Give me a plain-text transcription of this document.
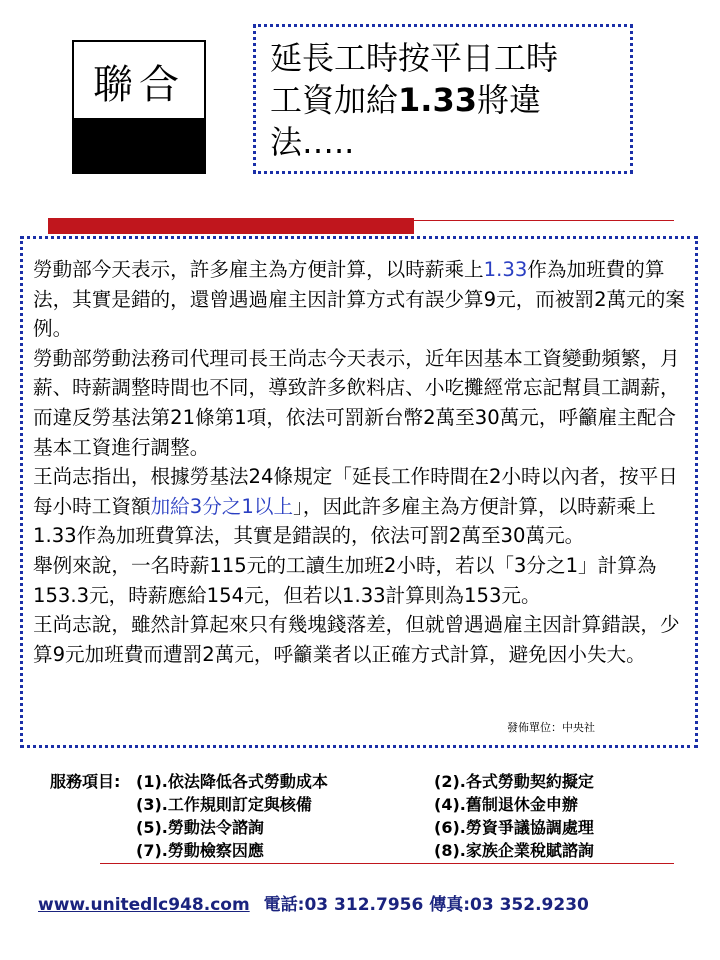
聯合
延長工時按平日工時
工資加給1.33將違
法…..

勞動部今天表示，許多雇主為方便計算，以時薪乘上1.33作為加班費的算法，其實是錯的，還曾遇過雇主因計算方式有誤少算9元，而被罰2萬元的案例。

勞動部勞動法務司代理司長王尚志今天表示，近年因基本工資變動頻繁，月薪、時薪調整時間也不同，導致許多飲料店、小吃攤經常忘記幫員工調薪，而違反勞基法第21條第1項，依法可罰新台幣2萬至30萬元，呼籲雇主配合基本工資進行調整。

王尚志指出，根據勞基法24條規定「延長工作時間在2小時以內者，按平日每小時工資額加給3分之1以上」，因此許多雇主為方便計算，以時薪乘上1.33作為加班費算法，其實是錯誤的，依法可罰2萬至30萬元。

舉例來說，一名時薪115元的工讀生加班2小時，若以「3分之1」計算為153.3元，時薪應給154元，但若以1.33計算則為153元。

王尚志說，雖然計算起來只有幾塊錢落差，但就曾遇過雇主因計算錯誤，少算9元加班費而遭罰2萬元，呼籲業者以正確方式計算，避免因小失大。

發佈單位：中央社
服務項目: (1).依法降低各式勞動成本	(2).各式勞動契約擬定
(3).工作規則訂定與核備	(4).舊制退休金申辦
(5).勞動法令諮詢	(6).勞資爭議協調處理
(7).勞動檢察因應	(8).家族企業稅賦諮詢
www.unitedlc948.com 電話:03 312.7956 傳真:03 352.9230
